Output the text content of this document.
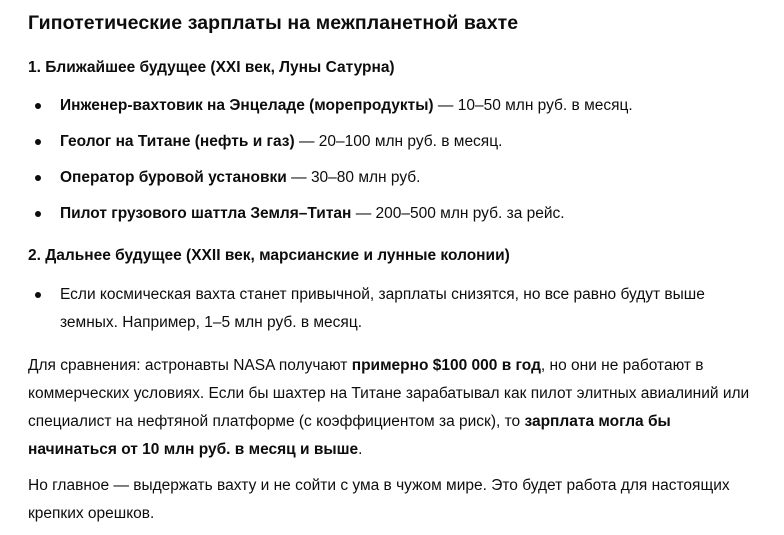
Гипотетические зарплаты на межпланетной вахте
1. Ближайшее будущее (XXI век, Луны Сатурна)
Инженер-вахтовик на Энцеладе (морепродукты) — 10–50 млн руб. в месяц.
Геолог на Титане (нефть и газ) — 20–100 млн руб. в месяц.
Оператор буровой установки — 30–80 млн руб.
Пилот грузового шаттла Земля–Титан — 200–500 млн руб. за рейс.
2. Дальнее будущее (XXII век, марсианские и лунные колонии)
Если космическая вахта станет привычной, зарплаты снизятся, но все равно будут выше земных. Например, 1–5 млн руб. в месяц.

Для сравнения: астронавты NASA получают примерно $100 000 в год, но они не работают в коммерческих условиях. Если бы шахтер на Титане зарабатывал как пилот элитных авиалиний или специалист на нефтяной платформе (с коэффициентом за риск), то зарплата могла бы начинаться от 10 млн руб. в месяц и выше.

Но главное — выдержать вахту и не сойти с ума в чужом мире. Это будет работа для настоящих крепких орешков.
